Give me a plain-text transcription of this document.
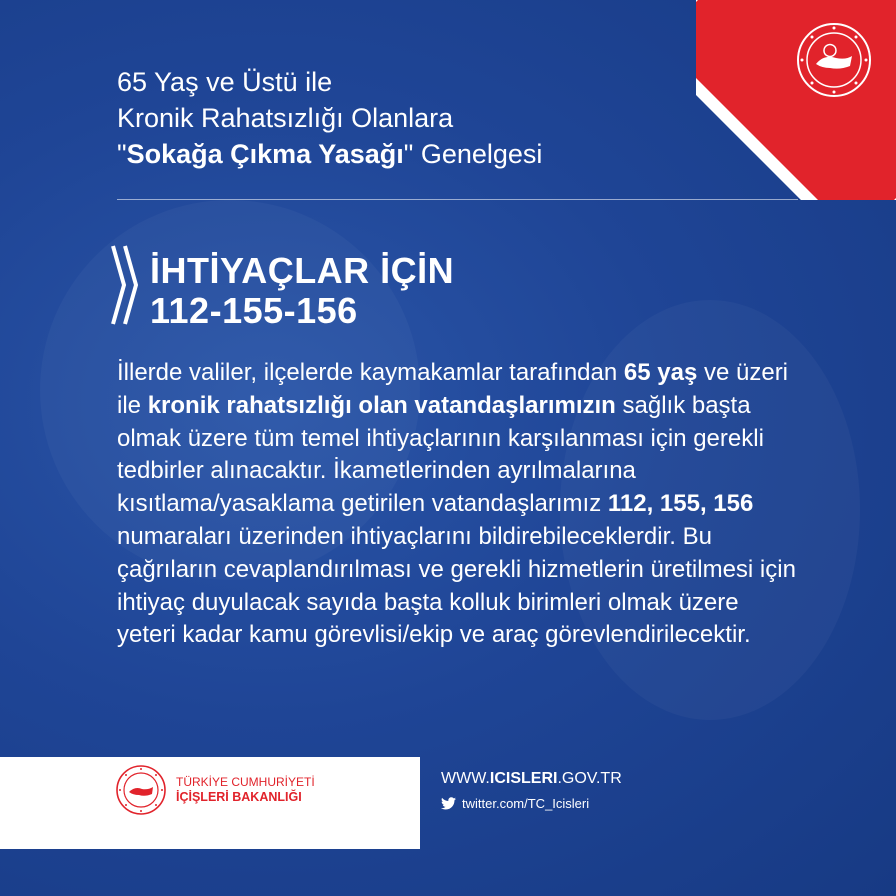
65 Yaş ve Üstü ile
Kronik Rahatsızlığı Olanlara
"Sokağa Çıkma Yasağı" Genelgesi
İHTİYAÇLAR İÇİN
112-155-156
İllerde valiler, ilçelerde kaymakamlar tarafından 65 yaş ve üzeri ile kronik rahatsızlığı olan vatandaşlarımızın sağlık başta olmak üzere tüm temel ihtiyaçlarının karşılanması için gerekli tedbirler alınacaktır. İkametlerinden ayrılmalarına kısıtlama/yasaklama getirilen vatandaşlarımız 112, 155, 156 numaraları üzerinden ihtiyaçlarını bildirebileceklerdir. Bu çağrıların cevaplandırılması ve gerekli hizmetlerin üretilmesi için ihtiyaç duyulacak sayıda başta kolluk birimleri olmak üzere yeteri kadar kamu görevlisi/ekip ve araç görevlendirilecektir.
TÜRKİYE CUMHURİYETİ
İÇİŞLERİ BAKANLIĞI
WWW.ICISLERI.GOV.TR
twitter.com/TC_Icisleri
